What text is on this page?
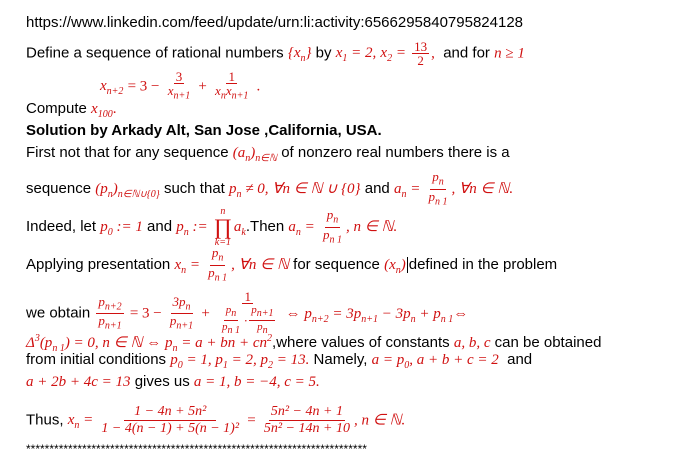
https://www.linkedin.com/feed/update/urn:li:activity:6566295840795824128
Define a sequence of rational numbers $\{x_n\}$ by $x_1 = 2$, $x_2 = \frac{13}{2}$ , and for n ≥ 1
$x_{n+2} = 3 - \frac{3}{x_{n+1}} + \frac{1}{x_nx_{n+1}}$ .
Compute $x_{100}$.
Solution by Arkady Alt, San Jose ,California, USA.
First not that for any sequence $(a_n)_{n\in ℕ}$ of nonzero real numbers there is a
sequence $(p_n)_{n\in ℕ\cup\{0\}}$ such that $p_n \ne 0$, ∀n ∈ ℕ ∪ {0} and $a_n = \frac{p_n}{p_{n 1}}$ , ∀n ∈ ℕ.
Indeed, let $p_0$ := 1 and $p_n$ :=
n
∏
k=1
$a_k.Then$ $a_n = \frac{p_n}{p_{n 1}}$ , n ∈ ℕ.
Applying presentation $x_n = \frac{p_n}{p_{n 1}}$ , ∀n ∈ ℕ for sequence $(x_n)$ defined in the problem
we obtain $\frac{p_{n+2}}{p_{n+1}} = 3 - \frac{3p_n}{p_{n+1}} + \frac{1}{\frac{pn}{pn 1} \cdot \frac{pn+1}{pn}}$ ⇔ $p_{n+2} = 3p_{n+1} - 3p_n$ + $p_{n 1}\Leftrightarrow$
$\Delta^3(p_{n 1}) = 0$, n ∈ ℕ ⇔ $p_n = a$ + bn + $cn^2,where$ values of constants a, b, c can be obtained
from initial conditions $p_0 = 1$, $p_1 = 2$, $p_2 = 13$. Namely, $a = p_0$, a + b + c = 2 and
a + 2b + 4c = 13 gives us a = 1, b = −4, c = 5.
Thus, $x_n = \frac{\text{1 − 4n + 5n²}}{\text{1 − 4(n − 1) + 5(n − 1)²}} = \frac{\text{5n² − 4n + 1}}{\text{5n² − 14n + 10}}$ , n ∈ ℕ.
*************************************************************************
